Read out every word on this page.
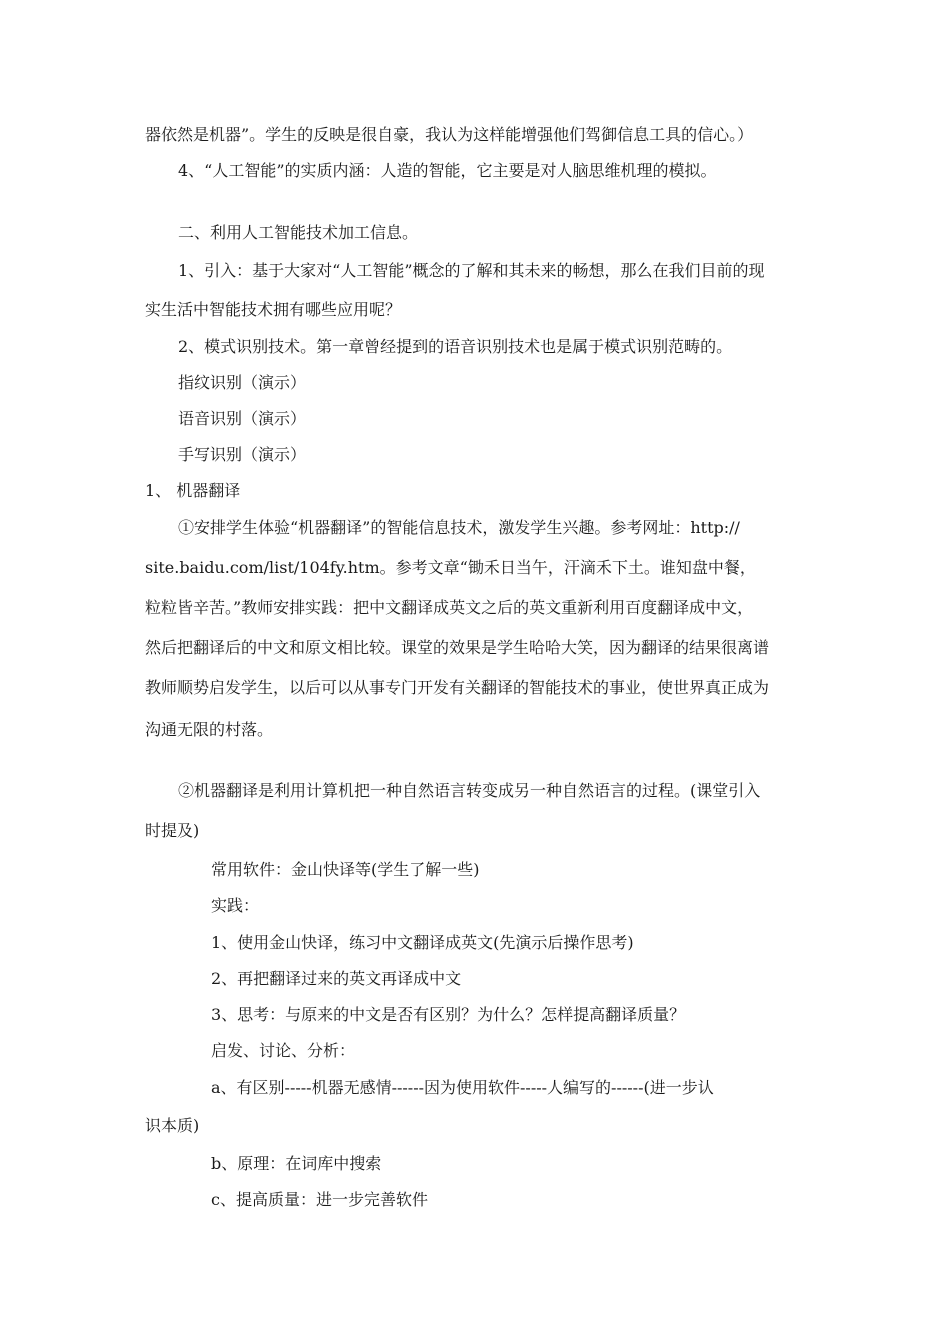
器依然是机器”。学生的反映是很自豪，我认为这样能增强他们驾御信息工具的信心。）
4、“人工智能”的实质内涵：人造的智能，它主要是对人脑思维机理的模拟。
二、利用人工智能技术加工信息。
1、引入：基于大家对“人工智能”概念的了解和其未来的畅想，那么在我们目前的现
实生活中智能技术拥有哪些应用呢？
2、模式识别技术。第一章曾经提到的语音识别技术也是属于模式识别范畴的。
指纹识别（演示）
语音识别（演示）
手写识别（演示）
1、 机器翻译
①安排学生体验“机器翻译”的智能信息技术，激发学生兴趣。参考网址：http://
site.baidu.com/list/104fy.htm。参考文章“锄禾日当午，汗滴禾下土。谁知盘中餐，
粒粒皆辛苦。”教师安排实践：把中文翻译成英文之后的英文重新利用百度翻译成中文，
然后把翻译后的中文和原文相比较。课堂的效果是学生哈哈大笑，因为翻译的结果很离谱
教师顺势启发学生，以后可以从事专门开发有关翻译的智能技术的事业，使世界真正成为
沟通无限的村落。
②机器翻译是利用计算机把一种自然语言转变成另一种自然语言的过程。(课堂引入
时提及)
常用软件：金山快译等(学生了解一些)
实践：
1、使用金山快译，练习中文翻译成英文(先演示后操作思考)
2、再把翻译过来的英文再译成中文
3、思考：与原来的中文是否有区别？为什么？怎样提高翻译质量？
启发、讨论、分析：
a、有区别-----机器无感情------因为使用软件-----人编写的------(进一步认
识本质)
b、原理：在词库中搜索
c、提高质量：进一步完善软件
